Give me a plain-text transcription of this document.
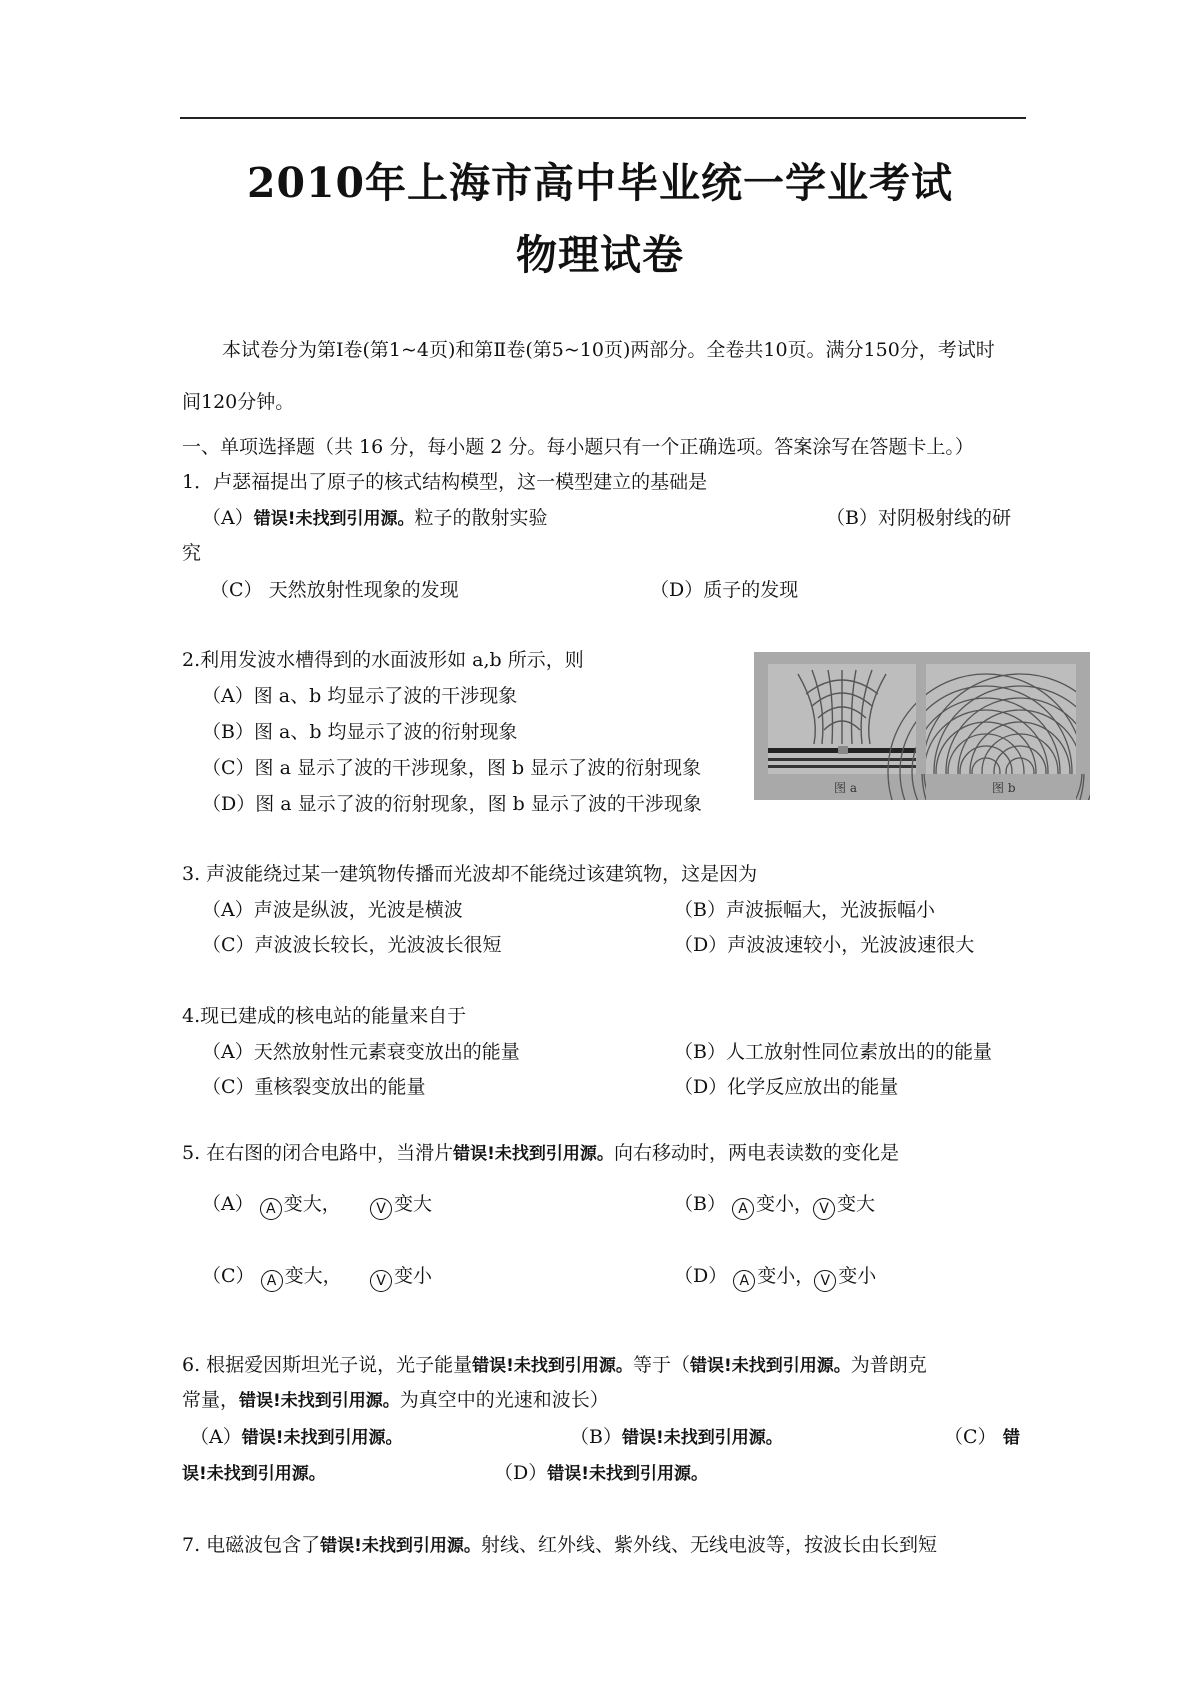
2010年上海市高中毕业统一学业考试
物理试卷
本试卷分为第Ⅰ卷(第1~4页)和第Ⅱ卷(第5~10页)两部分。全卷共10页。满分150分，考试时
间120分钟。
一、单项选择题（共 16 分，每小题 2 分。每小题只有一个正确选项。答案涂写在答题卡上。）
1．卢瑟福提出了原子的核式结构模型，这一模型建立的基础是
（A）错误!未找到引用源。粒子的散射实验	（B）对阴极射线的研
究
（C） 天然放射性现象的发现	（D）质子的发现
2.利用发波水槽得到的水面波形如 a,b 所示，则
（A）图 a、b 均显示了波的干涉现象
（B）图 a、b 均显示了波的衍射现象
（C）图 a 显示了波的干涉现象，图 b 显示了波的衍射现象
（D）图 a 显示了波的衍射现象，图 b 显示了波的干涉现象
图 a	图 b
3. 声波能绕过某一建筑物传播而光波却不能绕过该建筑物，这是因为
（A）声波是纵波，光波是横波	（B）声波振幅大，光波振幅小
（C）声波波长较长，光波波长很短	（D）声波波速较小，光波波速很大
4.现已建成的核电站的能量来自于
（A）天然放射性元素衰变放出的能量	（B）人工放射性同位素放出的的能量
（C）重核裂变放出的能量	（D）化学反应放出的能量
5. 在右图的闭合电路中，当滑片错误!未找到引用源。向右移动时，两电表读数的变化是
（A） A 变大，	V 变大	（B） A 变小， V 变大
（C） A 变大，	V 变小	（D） A 变小， V 变小
6. 根据爱因斯坦光子说，光子能量错误!未找到引用源。等于（错误!未找到引用源。为普朗克
常量，错误!未找到引用源。为真空中的光速和波长）
（A）错误!未找到引用源。	（B）错误!未找到引用源。	（C） 错
误!未找到引用源。	（D）错误!未找到引用源。
7. 电磁波包含了错误!未找到引用源。射线、红外线、紫外线、无线电波等，按波长由长到短
